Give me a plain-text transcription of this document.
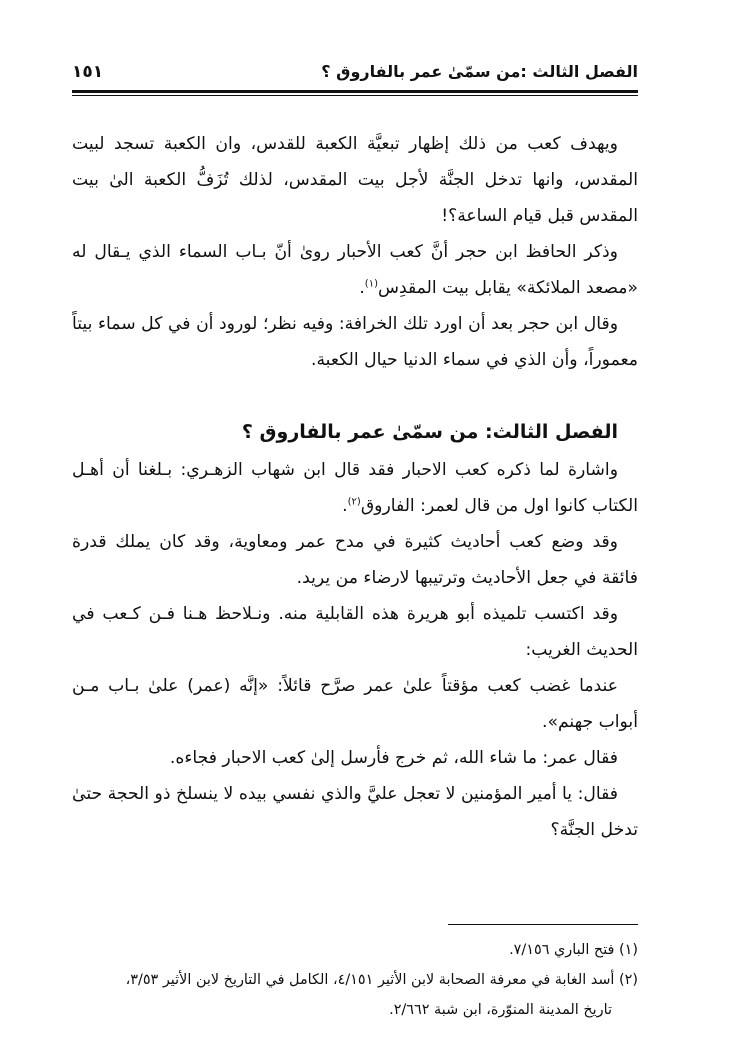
الفصل الثالث :من سمّىٰ عمر بالفاروق ؟
١٥١

ويهدف كعب من ذلك إظهار تبعيَّة الكعبة للقدس، وان الكعبة تسجد لبيت المقدس، وانها تدخل الجنَّة لأجل بيت المقدس، لذلك تُزَفُّ الكعبة الىٰ بيت المقدس قبل قيام الساعة؟!

وذكر الحافظ ابن حجر أنَّ كعب الأحبار رویٰ أنّ بـاب السماء الذي يـقال له «مصعد الملائكة» يقابل بيت المقدِس$^{(١)}$.

وقال ابن حجر بعد أن اورد تلك الخرافة: وفيه نظر؛ لورود أن في كل سماء بيتاً معموراً، وأن الذي في سماء الدنيا حيال الكعبة.

الفصل الثالث: من سمّىٰ عمر بالفاروق ؟

واشارة لما ذكره كعب الاحبار فقد قال ابن شهاب الزهـري: بـلغنا أن أهـل الكتاب كانوا اول من قال لعمر: الفاروق$^{(٢)}$.

وقد وضع كعب أحاديث كثيرة في مدح عمر ومعاوية، وقد كان يملك قدرة فائقة في جعل الأحاديث وترتيبها لارضاء من يريد.

وقد اكتسب تلميذه أبو هريرة هذه القابلية منه. ونـلاحظ هـنا فـن كـعب في الحديث الغريب:

عندما غضب كعب مؤقتاً علىٰ عمر صرَّح قائلاً: «إنَّه (عمر) علىٰ بـاب مـن أبواب جهنم».

فقال عمر: ما شاء الله، ثم خرج فأرسل إلىٰ كعب الاحبار فجاءه.

فقال: يا أمير المؤمنين لا تعجل عليَّ والذي نفسي بيده لا ينسلخ ذو الحجة حتىٰ تدخل الجنَّة؟

(١) فتح الباري ٧/١٥٦.

(٢) أسد الغابة في معرفة الصحابة لابن الأثير ٤/١٥١، الكامل في التاريخ لابن الأثير ٣/٥٣،
تاريخ المدينة المنوّرة، ابن شبة ٢/٦٦٢.
